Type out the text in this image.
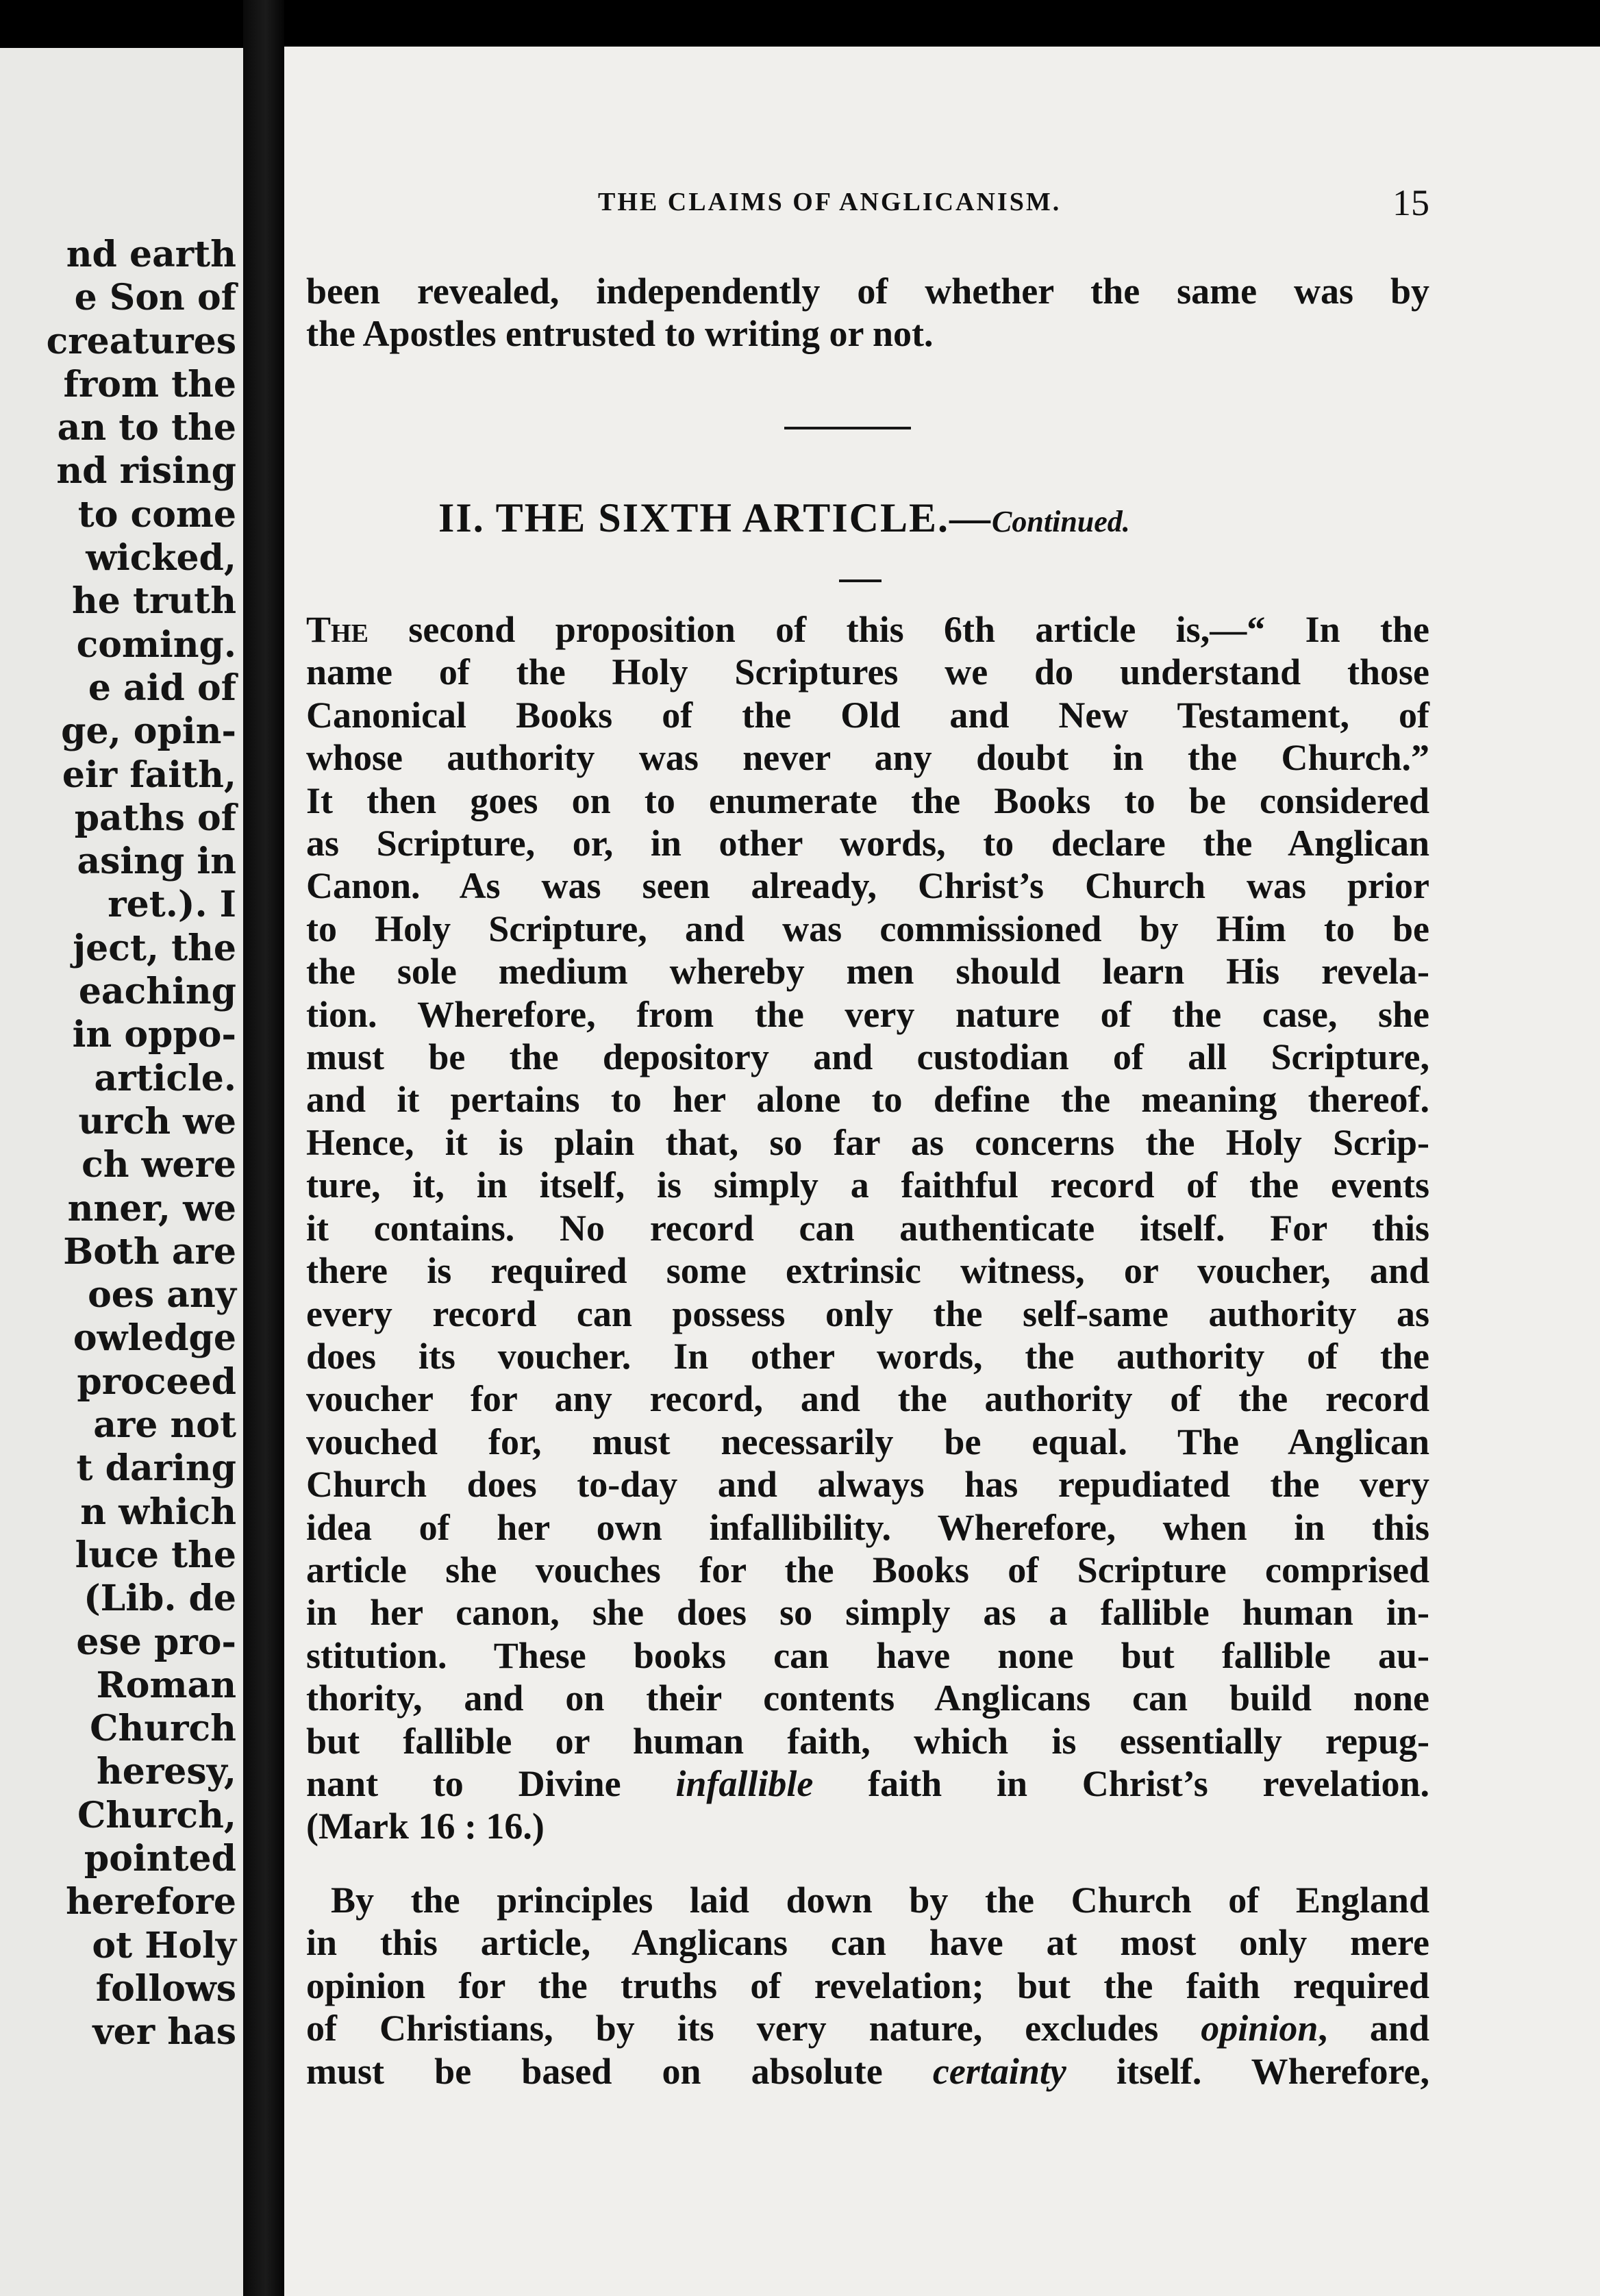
nd earth
e Son of
creatures
from the
an to the
nd rising
to come
wicked,
he truth
coming.
e aid of
ge, opin-
eir faith,
paths of
asing in
ret.). I
ject, the
eaching
in oppo-
article.
urch we
ch were
nner, we
Both are
oes any
owledge
proceed
are not
t daring
n which
luce the
(Lib. de
ese pro-
Roman
Church
heresy,
Church,
pointed
herefore
ot Holy
follows
ver has
THE CLAIMS OF ANGLICANISM.	15
been revealed, independently of whether the same was by
the Apostles entrusted to writing or not.
II. THE SIXTH ARTICLE.—Continued.
The second proposition of this 6th article is,—“ In the
name of the Holy Scriptures we do understand those
Canonical Books of the Old and New Testament, of
whose authority was never any doubt in the Church.”
It then goes on to enumerate the Books to be considered
as Scripture, or, in other words, to declare the Anglican
Canon. As was seen already, Christ’s Church was prior
to Holy Scripture, and was commissioned by Him to be
the sole medium whereby men should learn His revela-
tion. Wherefore, from the very nature of the case, she
must be the depository and custodian of all Scripture,
and it pertains to her alone to define the meaning thereof.
Hence, it is plain that, so far as concerns the Holy Scrip-
ture, it, in itself, is simply a faithful record of the events
it contains. No record can authenticate itself. For this
there is required some extrinsic witness, or voucher, and
every record can possess only the self-same authority as
does its voucher. In other words, the authority of the
voucher for any record, and the authority of the record
vouched for, must necessarily be equal. The Anglican
Church does to-day and always has repudiated the very
idea of her own infallibility. Wherefore, when in this
article she vouches for the Books of Scripture comprised
in her canon, she does so simply as a fallible human in-
stitution. These books can have none but fallible au-
thority, and on their contents Anglicans can build none
but fallible or human faith, which is essentially repug-
nant to Divine infallible faith in Christ’s revelation.
(Mark 16 : 16.)
By the principles laid down by the Church of England
in this article, Anglicans can have at most only mere
opinion for the truths of revelation; but the faith required
of Christians, by its very nature, excludes opinion, and
must be based on absolute certainty itself. Wherefore,
